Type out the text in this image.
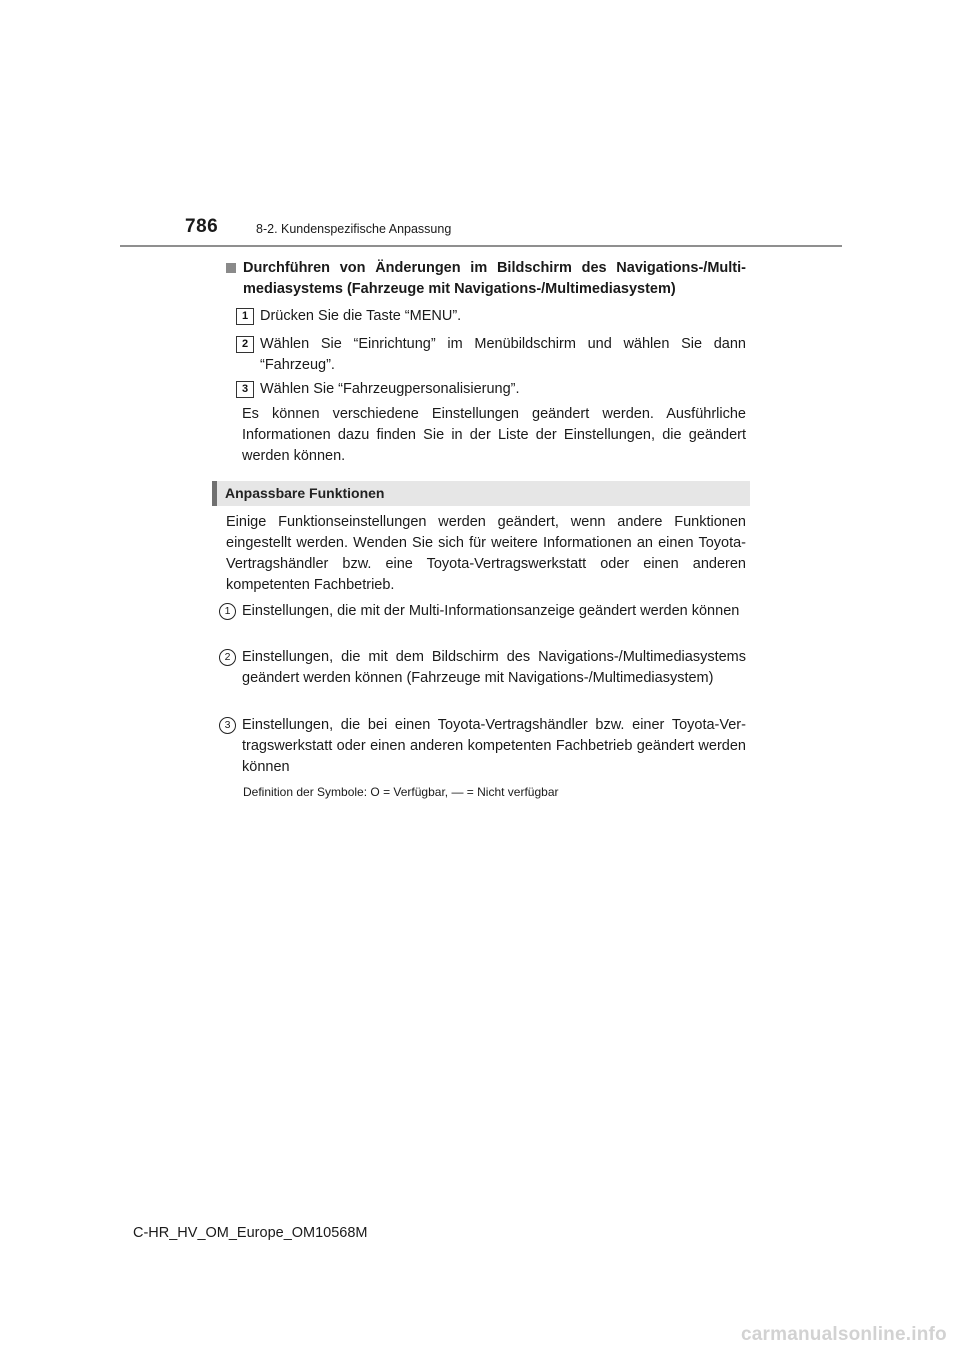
786	8-2. Kundenspezifische Anpassung
Durchführen von Änderungen im Bildschirm des Navigations-/Multimediasystems (Fahrzeuge mit Navigations-/Multimediasystem)
1 Drücken Sie die Taste “MENU”.
2 Wählen Sie “Einrichtung” im Menübildschirm und wählen Sie dann “Fahrzeug”.
3 Wählen Sie “Fahrzeugpersonalisierung”.
Es können verschiedene Einstellungen geändert werden. Ausführliche Informationen dazu finden Sie in der Liste der Einstellungen, die geändert werden können.
Anpassbare Funktionen
Einige Funktionseinstellungen werden geändert, wenn andere Funktionen eingestellt werden. Wenden Sie sich für weitere Informationen an einen Toyota-Vertragshändler bzw. eine Toyota-Vertragswerkstatt oder einen anderen kompetenten Fachbetrieb.
1 Einstellungen, die mit der Multi-Informationsanzeige geändert werden können
2 Einstellungen, die mit dem Bildschirm des Navigations-/Multimediasystems geändert werden können (Fahrzeuge mit Navigations-/Multimediasystem)
3 Einstellungen, die bei einen Toyota-Vertragshändler bzw. einer Toyota-Vertragswerkstatt oder einen anderen kompetenten Fachbetrieb geändert werden können
Definition der Symbole: O = Verfügbar, — = Nicht verfügbar
C-HR_HV_OM_Europe_OM10568M
carmanualsonline.info
